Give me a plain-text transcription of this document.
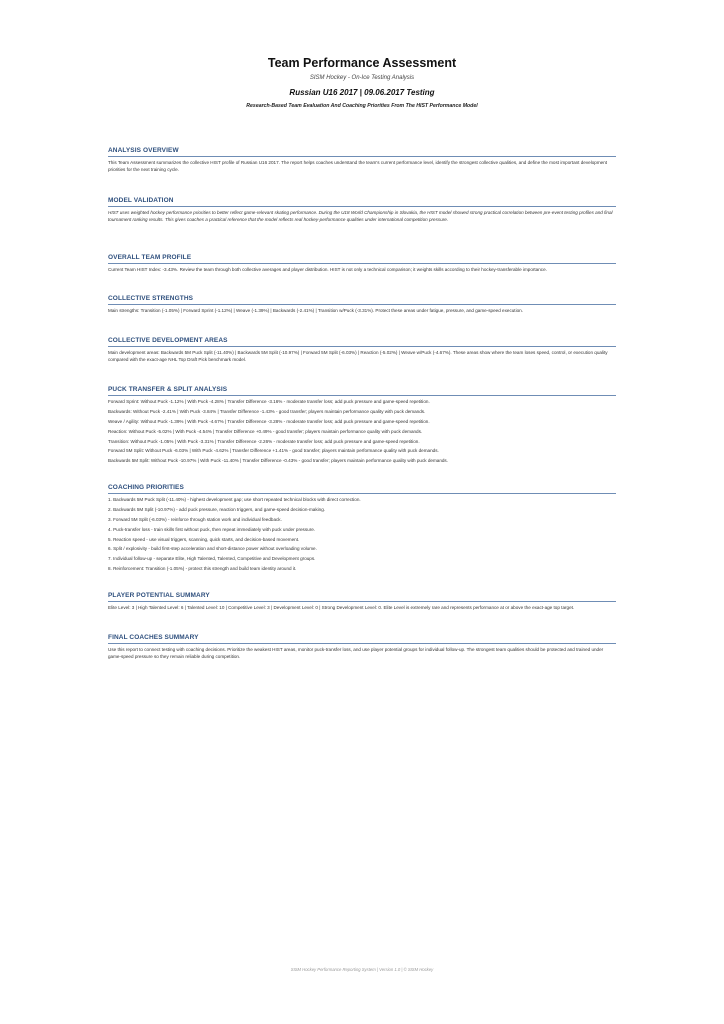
Team Performance Assessment
SISM Hockey - On-Ice Testing Analysis
Russian U16 2017 | 09.06.2017 Testing
Research-Based Team Evaluation And Coaching Priorities From The HIST Performance Model
ANALYSIS OVERVIEW
This Team Assessment summarizes the collective HIST profile of Russian U16 2017. The report helps coaches understand the team's current performance level, identify the strongest collective qualities, and define the most important development priorities for the next training cycle.
MODEL VALIDATION
HIST uses weighted hockey performance priorities to better reflect game-relevant skating performance. During the U18 World Championship in Slovakia, the HIST model showed strong practical correlation between pre-event testing profiles and final tournament ranking results. This gives coaches a practical reference that the model reflects real hockey-performance qualities under international competition pressure.
OVERALL TEAM PROFILE
Current Team HIST Index: -3.43%. Review the team through both collective averages and player distribution. HIST is not only a technical comparison; it weights skills according to their hockey-transferable importance.
COLLECTIVE STRENGTHS
Main strengths: Transition (-1.05%) | Forward Sprint (-1.12%) | Weave (-1.39%) | Backwards (-2.41%) | Transition w/Puck (-3.31%). Protect these areas under fatigue, pressure, and game-speed execution.
COLLECTIVE DEVELOPMENT AREAS
Main development areas: Backwards 5M Puck Split (-11.40%) | Backwards 5M Split (-10.97%) | Forward 5M Split (-6.03%) | Reaction (-5.02%) | Weave w/Puck (-4.67%). These areas show where the team loses speed, control, or execution quality compared with the exact-age NHL Top Draft Pick benchmark model.
PUCK TRANSFER & SPLIT ANALYSIS
Forward Sprint: Without Puck -1.12% | With Puck -4.28% | Transfer Difference -3.16% - moderate transfer loss; add puck pressure and game-speed repetition.
Backwards: Without Puck -2.41% | With Puck -3.84% | Transfer Difference -1.43% - good transfer; players maintain performance quality with puck demands.
Weave / Agility: Without Puck -1.39% | With Puck -4.67% | Transfer Difference -3.28% - moderate transfer loss; add puck pressure and game-speed repetition.
Reaction: Without Puck -5.02% | With Puck -4.54% | Transfer Difference +0.49% - good transfer; players maintain performance quality with puck demands.
Transition: Without Puck -1.05% | With Puck -3.31% | Transfer Difference -2.26% - moderate transfer loss; add puck pressure and game-speed repetition.
Forward 5M Split: Without Puck -6.03% | With Puck -4.62% | Transfer Difference +1.41% - good transfer; players maintain performance quality with puck demands.
Backwards 5M Split: Without Puck -10.97% | With Puck -11.40% | Transfer Difference -0.43% - good transfer; players maintain performance quality with puck demands.
COACHING PRIORITIES
1. Backwards 5M Puck Split (-11.40%) - highest development gap; use short repeated technical blocks with direct correction.
2. Backwards 5M Split (-10.97%) - add puck pressure, reaction triggers, and game-speed decision-making.
3. Forward 5M Split (-6.03%) - reinforce through station work and individual feedback.
4. Puck-transfer loss - train skills first without puck, then repeat immediately with puck under pressure.
5. Reaction speed - use visual triggers, scanning, quick starts, and decision-based movement.
6. Split / explosivity - build first-step acceleration and short-distance power without overloading volume.
7. Individual follow-up - separate Elite, High Talented, Talented, Competitive and Development groups.
8. Reinforcement: Transition (-1.05%) - protect this strength and build team identity around it.
PLAYER POTENTIAL SUMMARY
Elite Level: 3 | High Talented Level: 6 | Talented Level: 10 | Competitive Level: 3 | Development Level: 0 | Strong Development Level: 0. Elite Level is extremely rare and represents performance at or above the exact-age top target.
FINAL COACHES SUMMARY
Use this report to connect testing with coaching decisions. Prioritize the weakest HIST areas, monitor puck-transfer loss, and use player potential groups for individual follow-up. The strongest team qualities should be protected and trained under game-speed pressure so they remain reliable during competition.
SISM Hockey Performance Reporting System | Version 1.0 | © SISM Hockey
